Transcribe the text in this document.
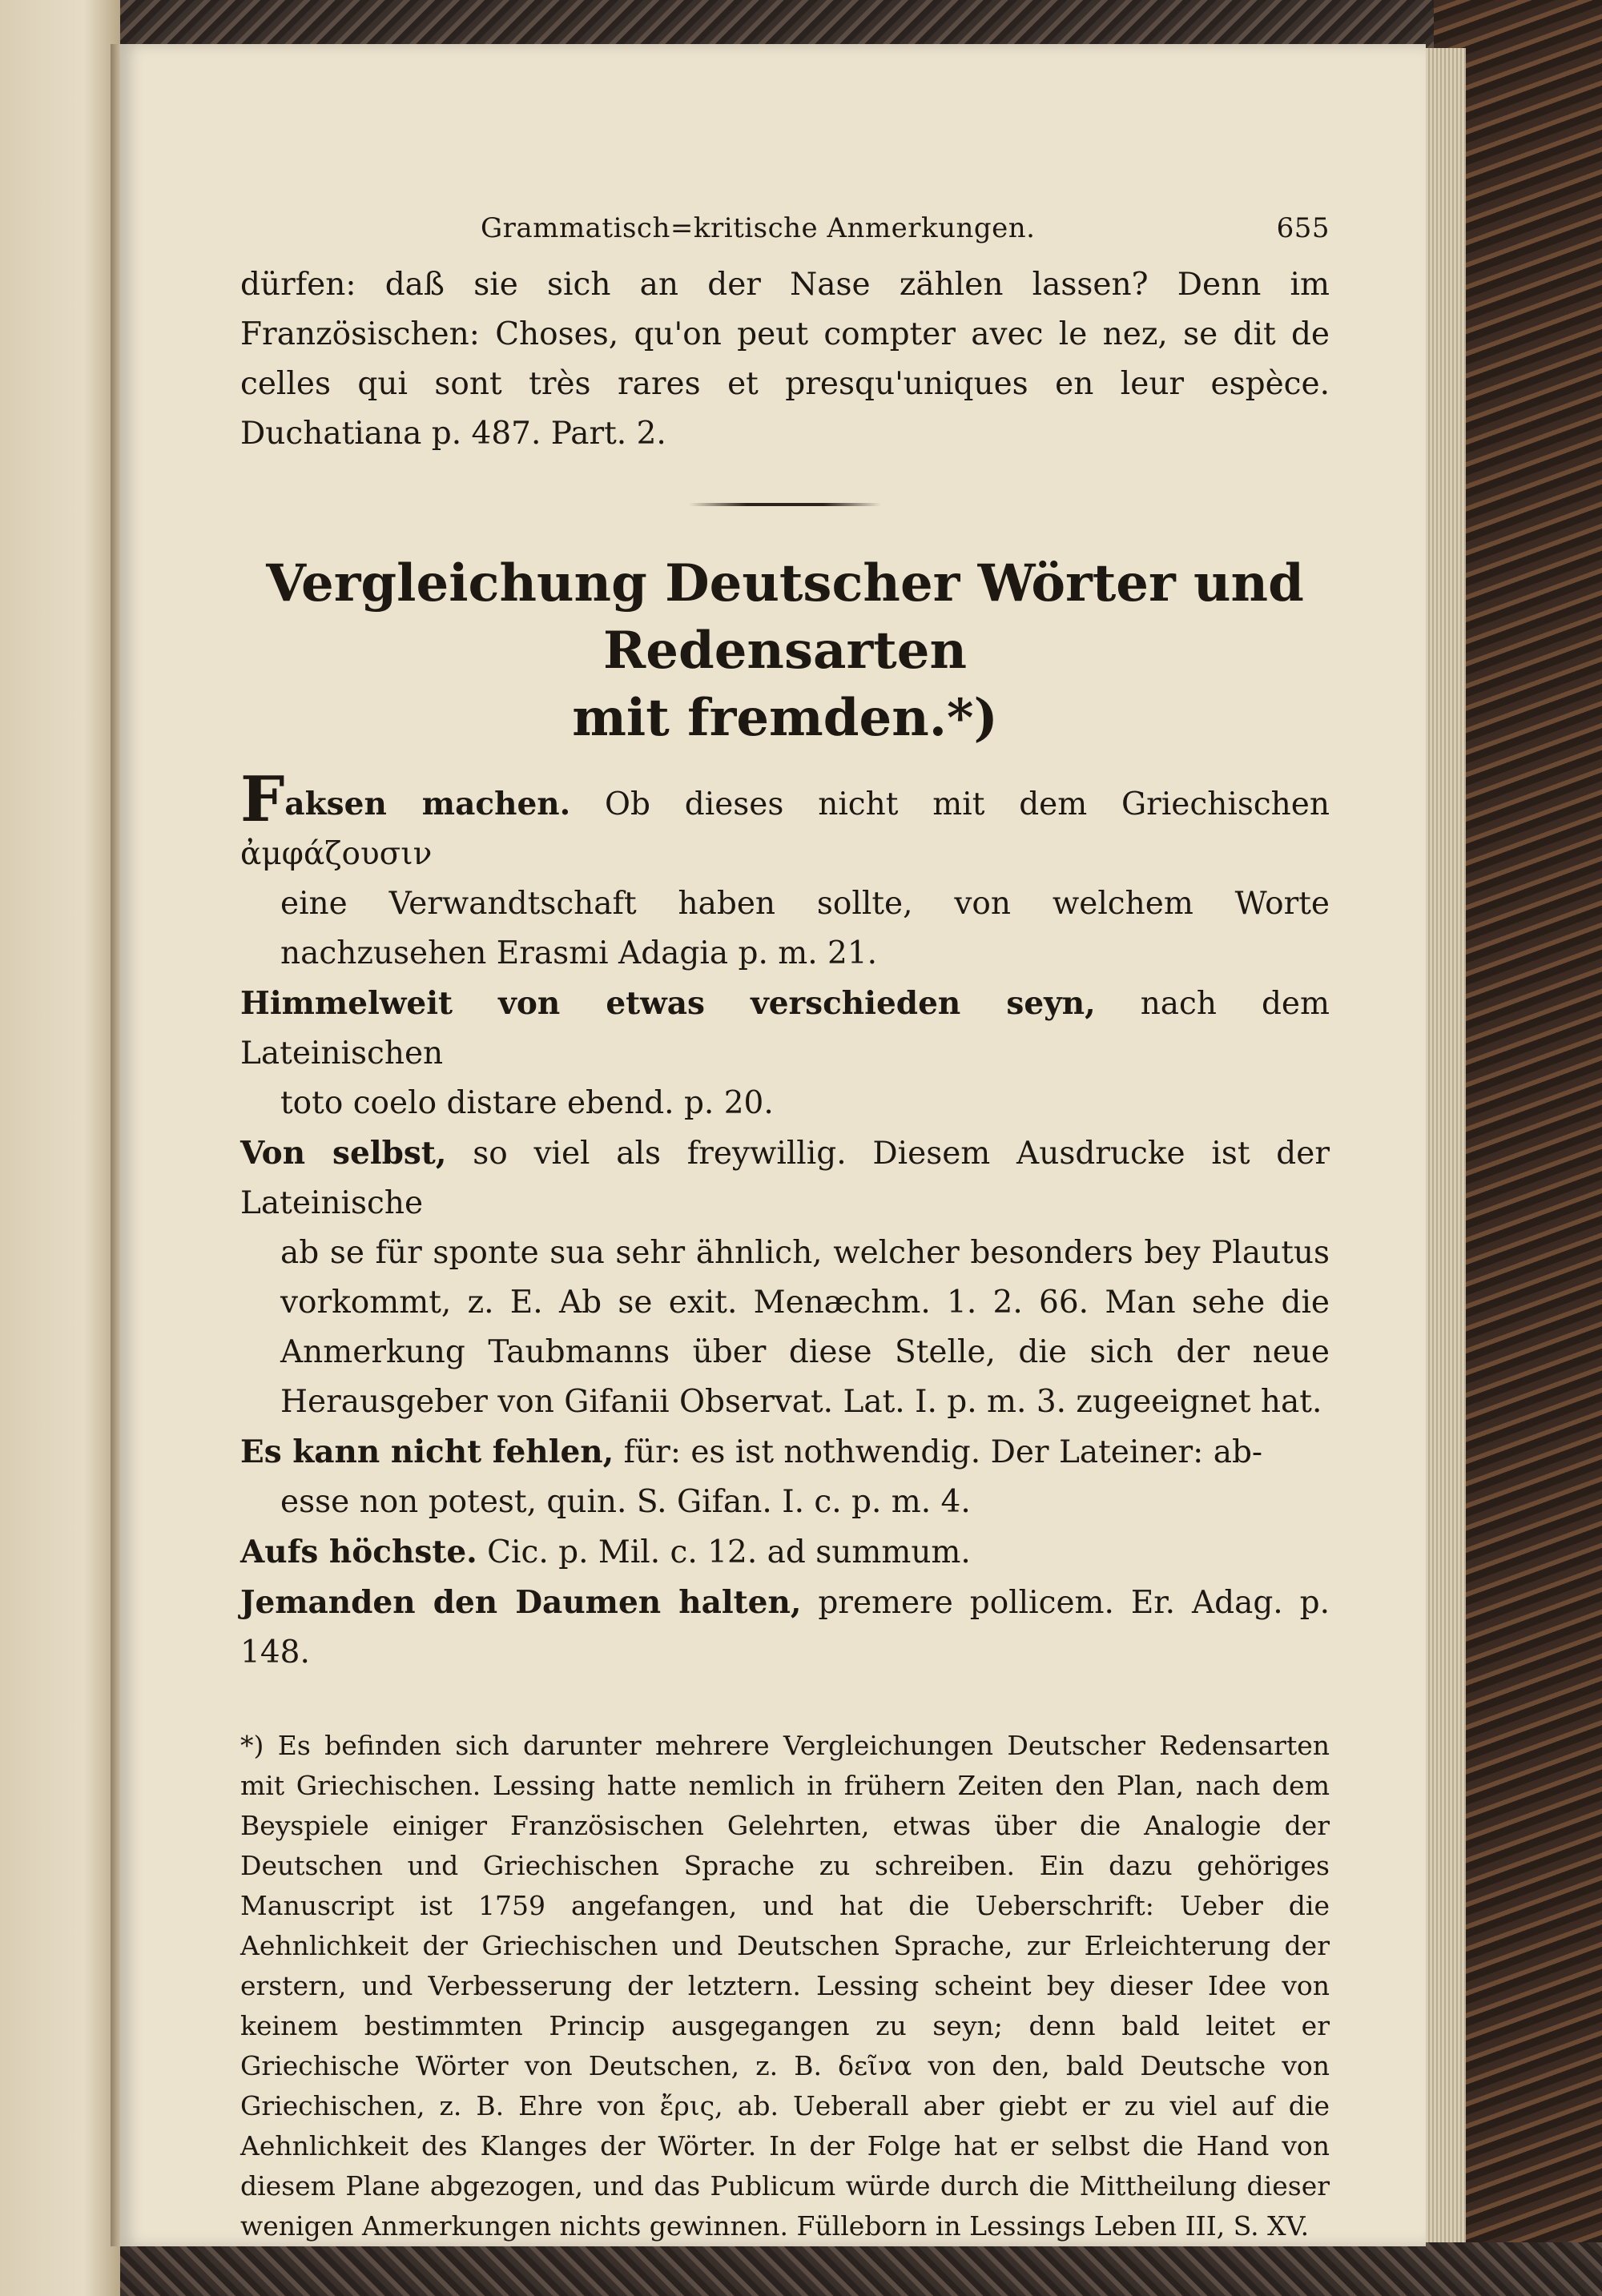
Grammatisch=kritische Anmerkungen.	655

dürfen: daß sie sich an der Nase zählen lassen? Denn im Französischen: Choses, qu'on peut compter avec le nez, se dit de celles qui sont très rares et presqu'uniques en leur espèce. Duchatiana p. 487. Part. 2.

Vergleichung Deutscher Wörter und Redensarten
mit fremden.*)
Faksen machen. Ob dieses nicht mit dem Griechischen ἀμφάζουσιν
eine Verwandtschaft haben sollte, von welchem Worte nachzusehen Erasmi Adagia p. m. 21.
Himmelweit von etwas verschieden seyn, nach dem Lateinischen
toto coelo distare ebend. p. 20.
Von selbst, so viel als freywillig. Diesem Ausdrucke ist der Lateinische
ab se für sponte sua sehr ähnlich, welcher besonders bey Plautus vorkommt, z. E. Ab se exit. Menæchm. 1. 2. 66. Man sehe die Anmerkung Taubmanns über diese Stelle, die sich der neue Herausgeber von Gifanii Observat. Lat. I. p. m. 3. zugeeignet hat.
Es kann nicht fehlen, für: es ist nothwendig. Der Lateiner: ab-
esse non potest, quin. S. Gifan. I. c. p. m. 4.
Aufs höchste. Cic. p. Mil. c. 12. ad summum.
Jemanden den Daumen halten, premere pollicem. Er. Adag. p. 148.

*) Es befinden sich darunter mehrere Vergleichungen Deutscher Redensarten mit Griechischen. Lessing hatte nemlich in frühern Zeiten den Plan, nach dem Beyspiele einiger Französischen Gelehrten, etwas über die Analogie der Deutschen und Griechischen Sprache zu schreiben. Ein dazu gehöriges Manuscript ist 1759 angefangen, und hat die Ueberschrift: Ueber die Aehnlichkeit der Griechischen und Deutschen Sprache, zur Erleichterung der erstern, und Verbesserung der letztern. Lessing scheint bey dieser Idee von keinem bestimmten Princip ausgegangen zu seyn; denn bald leitet er Griechische Wörter von Deutschen, z. B. δεῖνα von den, bald Deutsche von Griechischen, z. B. Ehre von ἔρις, ab. Ueberall aber giebt er zu viel auf die Aehnlichkeit des Klanges der Wörter. In der Folge hat er selbst die Hand von diesem Plane abgezogen, und das Publicum würde durch die Mittheilung dieser wenigen Anmerkungen nichts gewinnen. Fülleborn in Lessings Leben III, S. XV.
